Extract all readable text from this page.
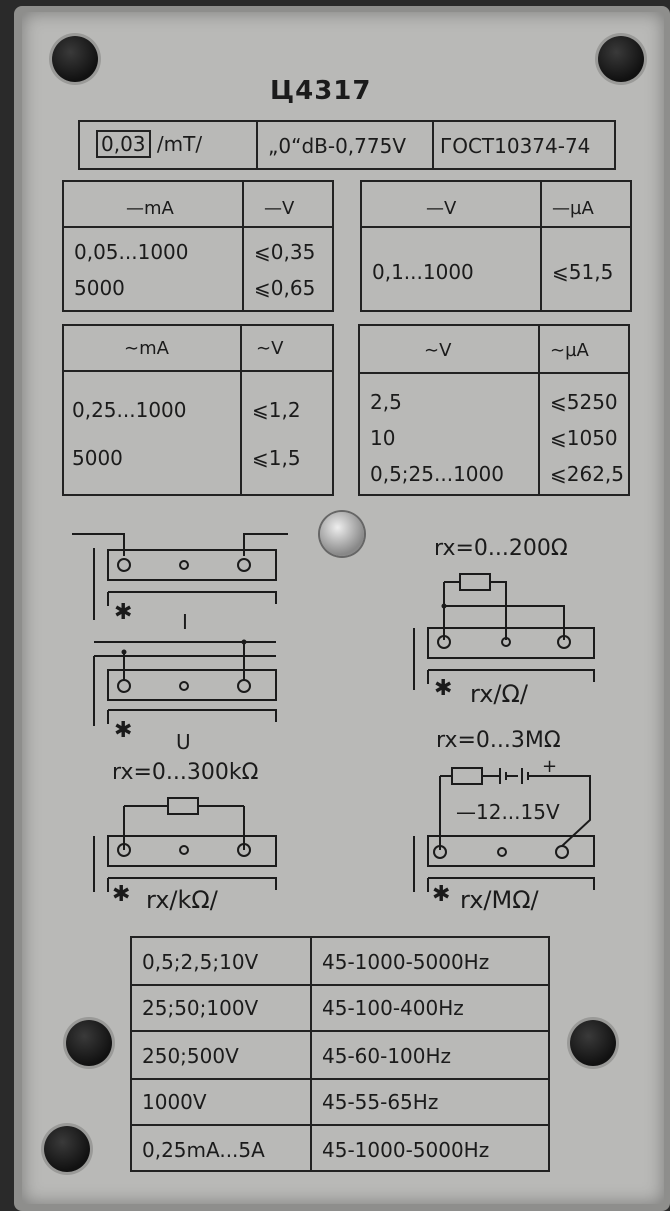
Ц4317
0,03 /mT/	„0“dB-0,775V ГОСТ10374-74
—mA	—V
0,05...1000	⩽0,35
5000	⩽0,65
—V	—µA
0,1...1000	⩽51,5
∼mA	∼V
0,25...1000	⩽1,2
5000	⩽1,5
∼V	∼µA
2,5	⩽5250
10	⩽1050
0,5;25...1000 ⩽262,5
✱ I
✱ U
rx=0...300kΩ
✱ rx/kΩ/
rx=0...200Ω
✱ rx/Ω/
rx=0...3MΩ
—12...15V
+
✱ rx/MΩ/
0,5;2,5;10V	45-1000-5000Hz
25;50;100V	45-100-400Hz
250;500V	45-60-100Hz
1000V	45-55-65Hz
0,25mA...5A	45-1000-5000Hz
